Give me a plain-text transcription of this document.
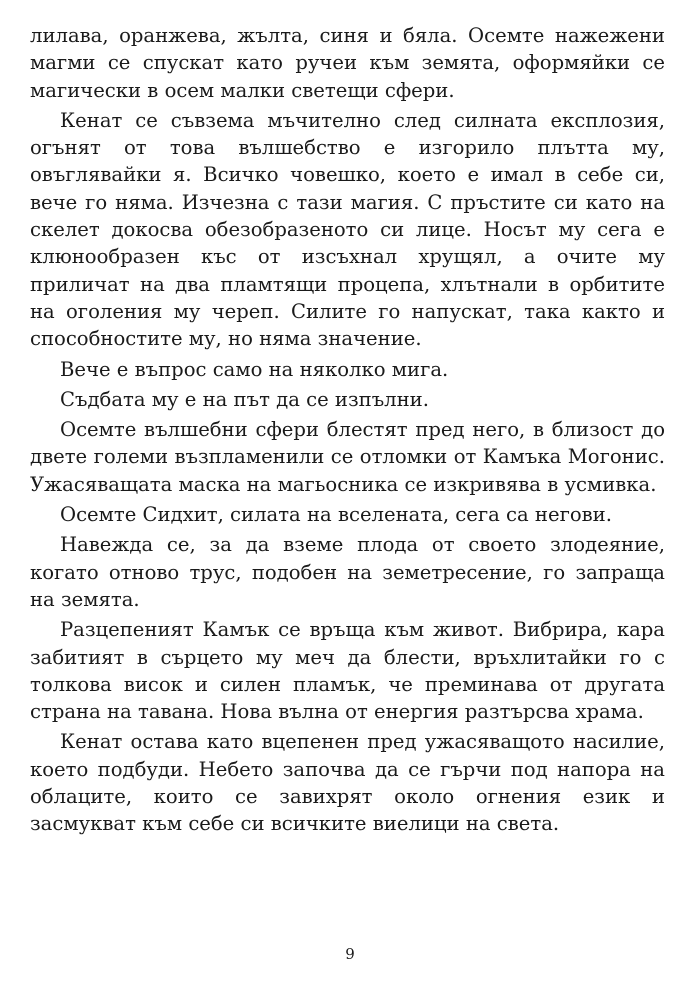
лилава, оранжева, жълта, синя и бяла. Осемте нажежени магми се спускат като ручеи към земята, оформяйки се магически в осем малки светещи сфери.

Кенат се съвзема мъчително след силната експлозия, огънят от това вълшебство е изгорило плътта му, овъглявайки я. Всичко човешко, което е имал в себе си, вече го няма. Изчезна с тази магия. С пръстите си като на скелет докосва обезобразеното си лице. Носът му сега е клюнообразен къс от изсъхнал хрущял, а очите му приличат на два пламтящи процепа, хлътнали в орбитите на оголения му череп. Силите го напускат, така както и способностите му, но няма значение.

Вече е въпрос само на няколко мига.

Съдбата му е на път да се изпълни.

Осемте вълшебни сфери блестят пред него, в близост до двете големи възпламенили се отломки от Камъка Могонис. Ужасяващата маска на магьосника се изкривява в усмивка.

Осемте Сидхит, силата на вселената, сега са негови.

Навежда се, за да вземе плода от своето злодеяние, когато отново трус, подобен на земетресение, го запраща на земята.

Разцепеният Камък се връща към живот. Вибрира, кара забитият в сърцето му меч да блести, връхлитайки го с толкова висок и силен пламък, че преминава от другата страна на тавана. Нова вълна от енергия разтърсва храма.

Кенат остава като вцепенен пред ужасяващото насилие, което подбуди. Небето започва да се гърчи под напора на облаците, които се завихрят около огнения език и засмукват към себе си всичките виелици на света.

9
